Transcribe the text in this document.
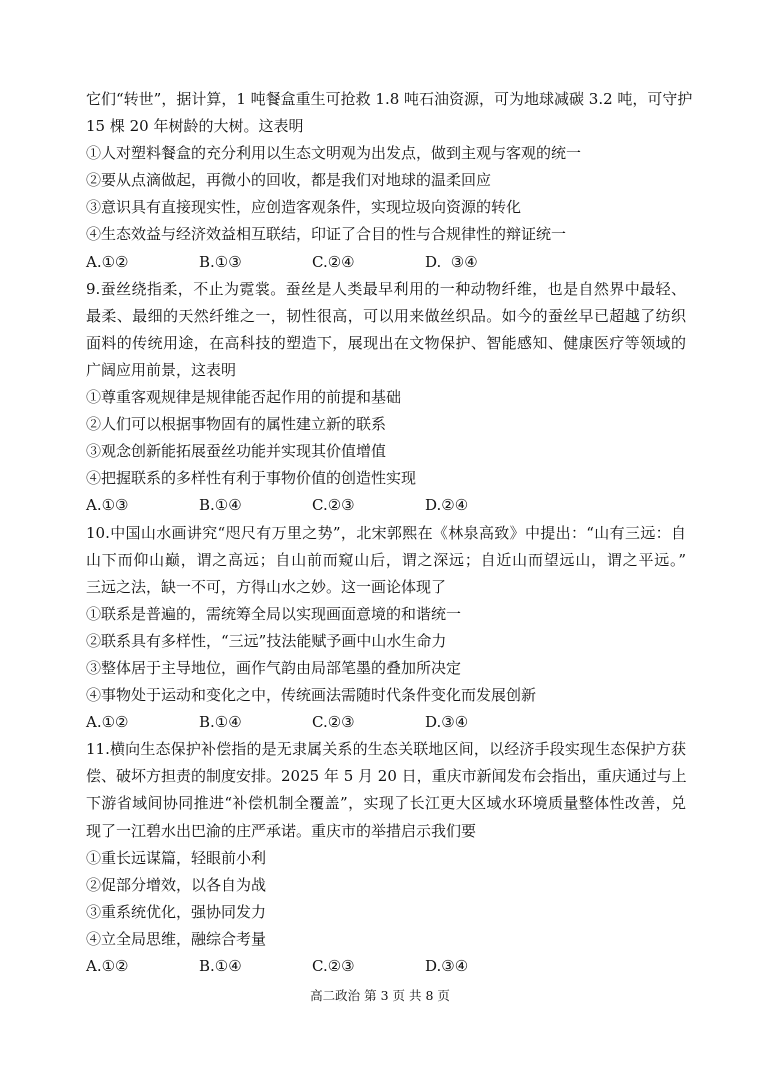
它们“转世”，据计算，1 吨餐盒重生可抢救 1.8 吨石油资源，可为地球减碳 3.2 吨，可守护
15 棵 20 年树龄的大树。这表明
①人对塑料餐盒的充分利用以生态文明观为出发点，做到主观与客观的统一
②要从点滴做起，再微小的回收，都是我们对地球的温柔回应
③意识具有直接现实性，应创造客观条件，实现垃圾向资源的转化
④生态效益与经济效益相互联结，印证了合目的性与合规律性的辩证统一
A.①②	B.①③	C.②④	D.  ③④
9.蚕丝绕指柔，不止为霓裳。蚕丝是人类最早利用的一种动物纤维，也是自然界中最轻、
最柔、最细的天然纤维之一，韧性很高，可以用来做丝织品。如今的蚕丝早已超越了纺织
面料的传统用途，在高科技的塑造下，展现出在文物保护、智能感知、健康医疗等领域的
广阔应用前景，这表明
①尊重客观规律是规律能否起作用的前提和基础
②人们可以根据事物固有的属性建立新的联系
③观念创新能拓展蚕丝功能并实现其价值增值
④把握联系的多样性有利于事物价值的创造性实现
A.①③	B.①④	C.②③	D.②④
10.中国山水画讲究“咫尺有万里之势”，北宋郭熙在《林泉高致》中提出：“山有三远：自
山下而仰山巅，谓之高远；自山前而窥山后，谓之深远；自近山而望远山，谓之平远。”
三远之法，缺一不可，方得山水之妙。这一画论体现了
①联系是普遍的，需统筹全局以实现画面意境的和谐统一
②联系具有多样性，“三远”技法能赋予画中山水生命力
③整体居于主导地位，画作气韵由局部笔墨的叠加所决定
④事物处于运动和变化之中，传统画法需随时代条件变化而发展创新
A.①②	B.①④	C.②③	D.③④
11.横向生态保护补偿指的是无隶属关系的生态关联地区间，以经济手段实现生态保护方获
偿、破坏方担责的制度安排。2025 年 5 月 20 日，重庆市新闻发布会指出，重庆通过与上
下游省域间协同推进“补偿机制全覆盖”，实现了长江更大区域水环境质量整体性改善，兑
现了一江碧水出巴渝的庄严承诺。重庆市的举措启示我们要
①重长远谋篇，轻眼前小利
②促部分增效，以各自为战
③重系统优化，强协同发力
④立全局思维，融综合考量
A.①②	B.①④	C.②③	D.③④
高二政治 第 3 页 共 8 页
